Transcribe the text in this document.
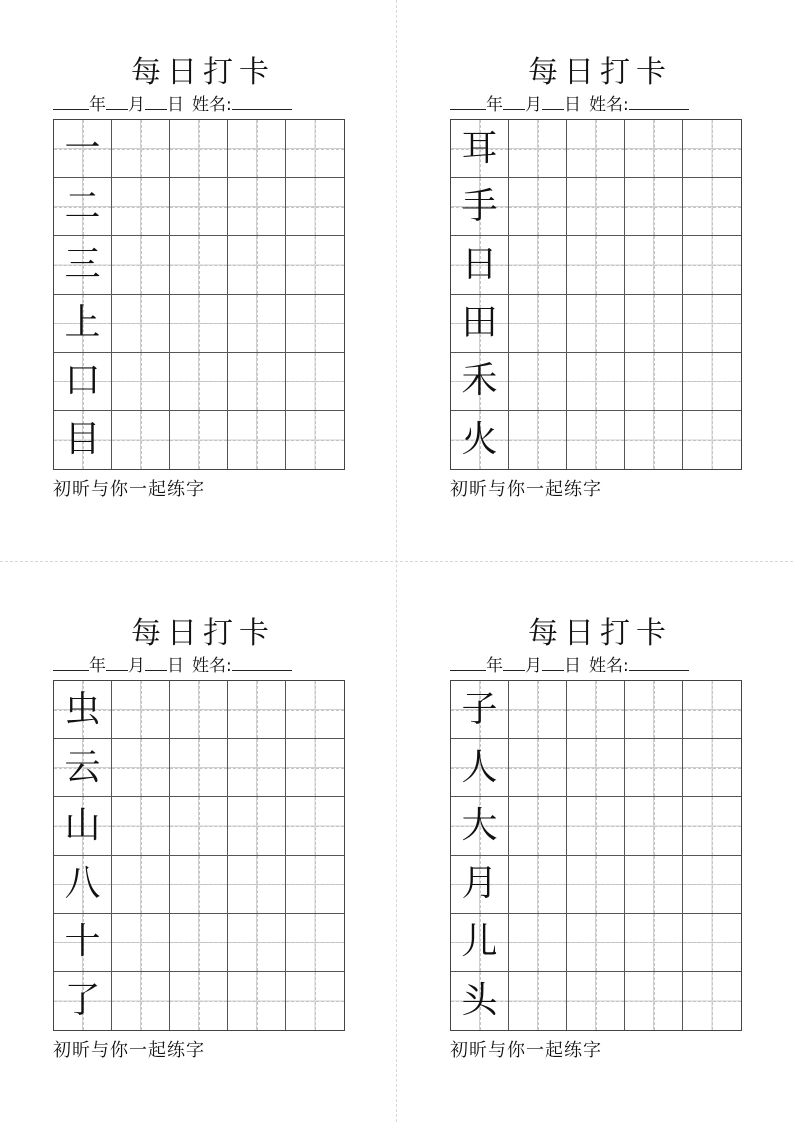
每日打卡
年 月 日 姓名:
一
二
三
上
口
目
初昕与你一起练字
每日打卡
年 月 日 姓名:
耳
手
日
田
禾
火
初昕与你一起练字
每日打卡
年 月 日 姓名:
虫
云
山
八
十
了
初昕与你一起练字
每日打卡
年 月 日 姓名:
子
人
大
月
儿
头
初昕与你一起练字
